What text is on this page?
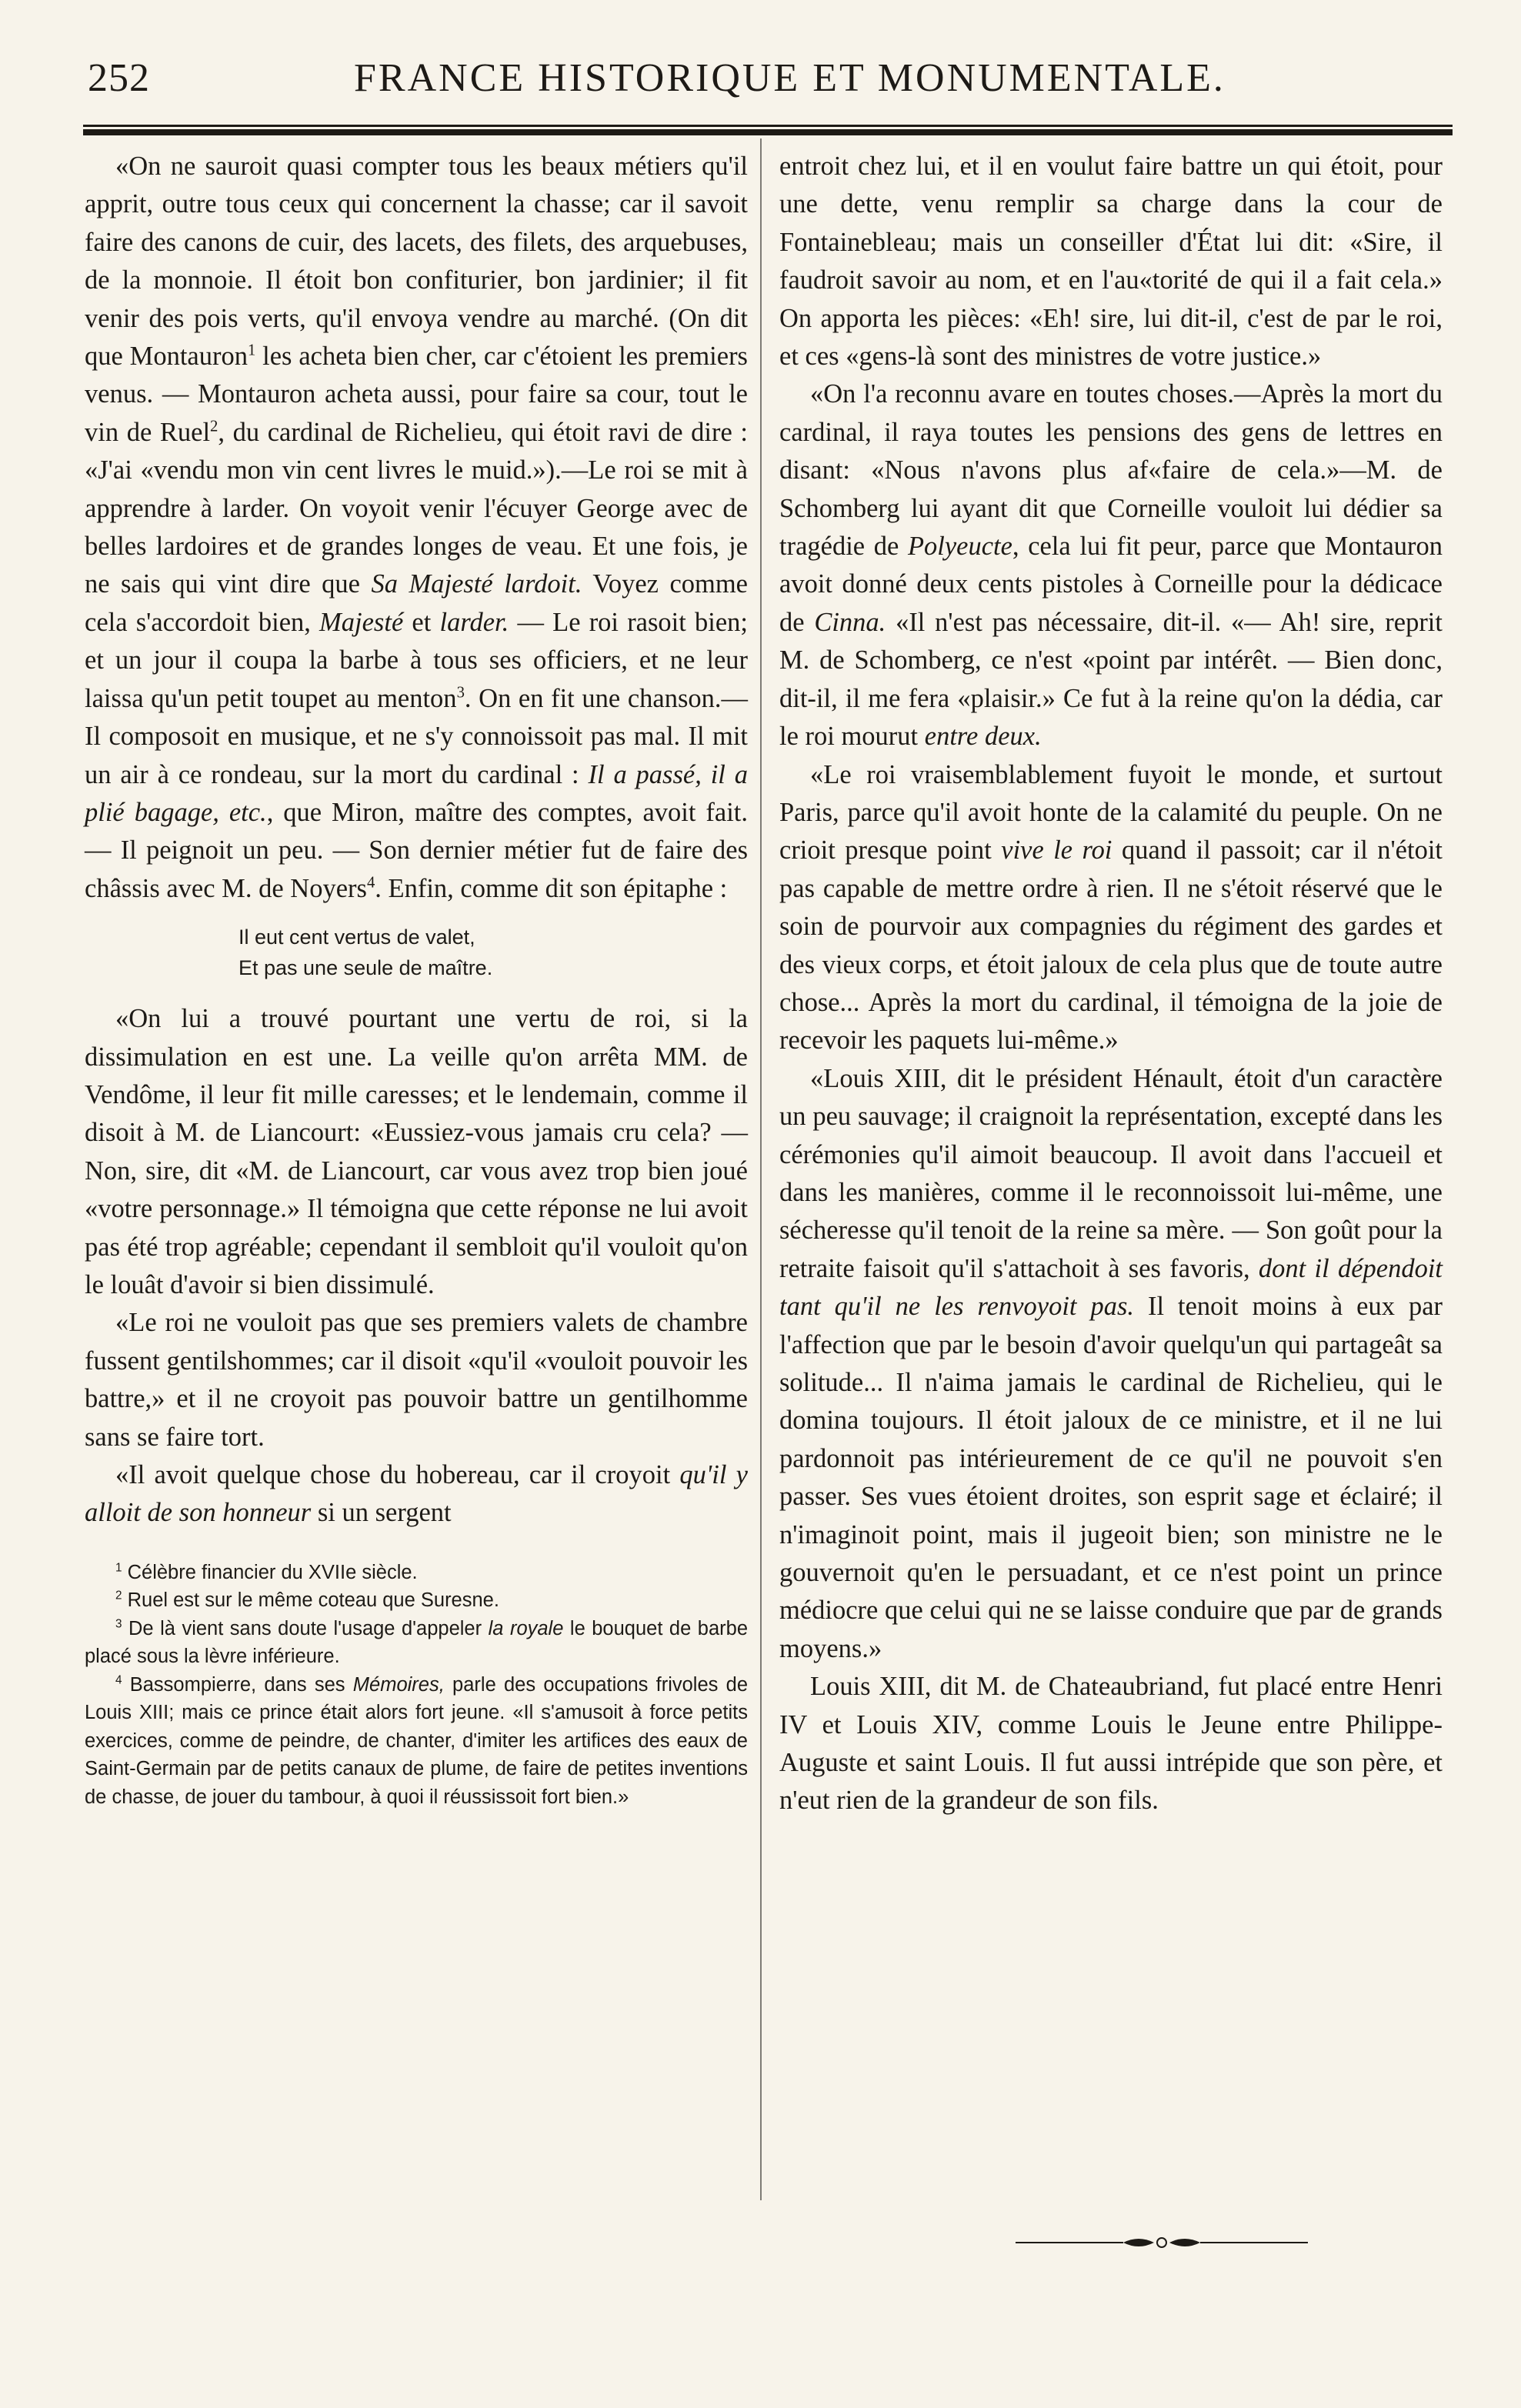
252	FRANCE HISTORIQUE ET MONUMENTALE.

«On ne sauroit quasi compter tous les beaux métiers qu'il apprit, outre tous ceux qui concernent la chasse; car il savoit faire des canons de cuir, des lacets, des filets, des arquebuses, de la monnoie. Il étoit bon confiturier, bon jardinier; il fit venir des pois verts, qu'il envoya vendre au marché. (On dit que Montauron$^1$ les acheta bien cher, car c'étoient les premiers venus. — Montauron acheta aussi, pour faire sa cour, tout le vin de Ruel$^2$, du cardinal de Richelieu, qui étoit ravi de dire : «J'ai «vendu mon vin cent livres le muid.»).—Le roi se mit à apprendre à larder. On voyoit venir l'écuyer George avec de belles lardoires et de grandes longes de veau. Et une fois, je ne sais qui vint dire que Sa Majesté lardoit. Voyez comme cela s'accordoit bien, Majesté et larder. — Le roi rasoit bien; et un jour il coupa la barbe à tous ses officiers, et ne leur laissa qu'un petit toupet au menton$^3$. On en fit une chanson.—Il composoit en musique, et ne s'y connoissoit pas mal. Il mit un air à ce rondeau, sur la mort du cardinal : Il a passé, il a plié bagage, etc., que Miron, maître des comptes, avoit fait. — Il peignoit un peu. — Son dernier métier fut de faire des châssis avec M. de Noyers$^4$. Enfin, comme dit son épitaphe :

Il eut cent vertus de valet,
Et pas une seule de maître.

«On lui a trouvé pourtant une vertu de roi, si la dissimulation en est une. La veille qu'on arrêta MM. de Vendôme, il leur fit mille caresses; et le lendemain, comme il disoit à M. de Liancourt: «Eussiez-vous jamais cru cela? — Non, sire, dit «M. de Liancourt, car vous avez trop bien joué «votre personnage.» Il témoigna que cette réponse ne lui avoit pas été trop agréable; cependant il sembloit qu'il vouloit qu'on le louât d'avoir si bien dissimulé.

«Le roi ne vouloit pas que ses premiers valets de chambre fussent gentilshommes; car il disoit «qu'il «vouloit pouvoir les battre,» et il ne croyoit pas pouvoir battre un gentilhomme sans se faire tort.

«Il avoit quelque chose du hobereau, car il croyoit qu'il y alloit de son honneur si un sergent

$^1$ Célèbre financier du XVIIe siècle.

$^2$ Ruel est sur le même coteau que Suresne.

$^3$ De là vient sans doute l'usage d'appeler la royale le bouquet de barbe placé sous la lèvre inférieure.

$^4$ Bassompierre, dans ses Mémoires, parle des occupations frivoles de Louis XIII; mais ce prince était alors fort jeune. «Il s'amusoit à force petits exercices, comme de peindre, de chanter, d'imiter les artifices des eaux de Saint-Germain par de petits canaux de plume, de faire de petites inventions de chasse, de jouer du tambour, à quoi il réussissoit fort bien.»

entroit chez lui, et il en voulut faire battre un qui étoit, pour une dette, venu remplir sa charge dans la cour de Fontainebleau; mais un conseiller d'État lui dit: «Sire, il faudroit savoir au nom, et en l'au«torité de qui il a fait cela.» On apporta les pièces: «Eh! sire, lui dit-il, c'est de par le roi, et ces «gens-là sont des ministres de votre justice.»

«On l'a reconnu avare en toutes choses.—Après la mort du cardinal, il raya toutes les pensions des gens de lettres en disant: «Nous n'avons plus af«faire de cela.»—M. de Schomberg lui ayant dit que Corneille vouloit lui dédier sa tragédie de Polyeucte, cela lui fit peur, parce que Montauron avoit donné deux cents pistoles à Corneille pour la dédicace de Cinna. «Il n'est pas nécessaire, dit-il. «— Ah! sire, reprit M. de Schomberg, ce n'est «point par intérêt. — Bien donc, dit-il, il me fera «plaisir.» Ce fut à la reine qu'on la dédia, car le roi mourut entre deux.

«Le roi vraisemblablement fuyoit le monde, et surtout Paris, parce qu'il avoit honte de la calamité du peuple. On ne crioit presque point vive le roi quand il passoit; car il n'étoit pas capable de mettre ordre à rien. Il ne s'étoit réservé que le soin de pourvoir aux compagnies du régiment des gardes et des vieux corps, et étoit jaloux de cela plus que de toute autre chose... Après la mort du cardinal, il témoigna de la joie de recevoir les paquets lui-même.»

«Louis XIII, dit le président Hénault, étoit d'un caractère un peu sauvage; il craignoit la représentation, excepté dans les cérémonies qu'il aimoit beaucoup. Il avoit dans l'accueil et dans les manières, comme il le reconnoissoit lui-même, une sécheresse qu'il tenoit de la reine sa mère. — Son goût pour la retraite faisoit qu'il s'attachoit à ses favoris, dont il dépendoit tant qu'il ne les renvoyoit pas. Il tenoit moins à eux par l'affection que par le besoin d'avoir quelqu'un qui partageât sa solitude... Il n'aima jamais le cardinal de Richelieu, qui le domina toujours. Il étoit jaloux de ce ministre, et il ne lui pardonnoit pas intérieurement de ce qu'il ne pouvoit s'en passer. Ses vues étoient droites, son esprit sage et éclairé; il n'imaginoit point, mais il jugeoit bien; son ministre ne le gouvernoit qu'en le persuadant, et ce n'est point un prince médiocre que celui qui ne se laisse conduire que par de grands moyens.»

Louis XIII, dit M. de Chateaubriand, fut placé entre Henri IV et Louis XIV, comme Louis le Jeune entre Philippe-Auguste et saint Louis. Il fut aussi intrépide que son père, et n'eut rien de la grandeur de son fils.
